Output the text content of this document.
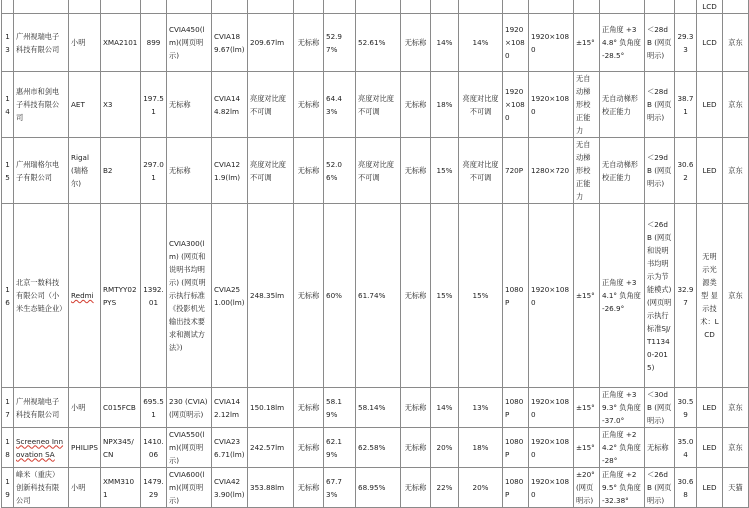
																				LCD	
13	广州视瑞电子科技有限公司	小明	XMA2101	899	CVIA450(lm)(网页明示)	CVIA189.67(lm)	209.67lm	无标称	52.97%	52.61%	无标称	14%	14%	1920×1080	1920×1080	±15°	正角度 +34.8° 负角度 -28.5°	＜28dB (网页明示)	29.33	LCD	京东
14	惠州市和剑电子科技有限公司	AET	X3	197.51	无标称	CVIA144.82lm	亮度对比度不可调	无标称	64.43%	亮度对比度不可调	无标称	18%	亮度对比度不可调	1920×1080	1920×1080	无自动梯形校正能力	无自动梯形校正能力	＜28dB (网页明示)	38.71	LED	京东
15	广州瑞格尔电子有限公司	Rigal (瑞格尔)	B2	297.01	无标称	CVIA121.9(lm)	亮度对比度不可调	无标称	52.06%	亮度对比度不可调	无标称	15%	亮度对比度不可调	720P	1280×720	无自动梯形校正能力	无自动梯形校正能力	＜29dB (网页明示)	30.62	LED	京东
16	北京一数科技有限公司（小米生态链企业）	Redmi	RMTYY02PYS	1392.01	CVIA300(lm) (网页和说明书均明示) (网页明示执行标准《投影机光输出技术要求和测试方法》)	CVIA251.00(lm)	248.35lm	无标称	60%	61.74%	无标称	15%	15%	1080P	1920×1080	±15°	正角度 +34.1° 负角度 -26.9°	＜26dB (网页和说明书均明示为节能模式) (网页明示执行标准SJ/T11340-2015)	32.97	无明示光源类型 显示技术：LCD	京东
17	广州视瑞电子科技有限公司	小明	C015FCB	695.51	230 (CVIA) (网页明示)	CVIA142.12lm	150.18lm	无标称	58.19%	58.14%	无标称	14%	13%	1080P	1920×1080	±15°	正角度 +39.3° 负角度 -37.0°	＜30dB (网页明示)	30.59	LED	京东
18	Screeneo Innovation SA	PHILIPS	NPX345/CN	1410.06	CVIA550(lm)(网页明示)	CVIA236.71(lm)	242.57lm	无标称	62.19%	62.58%	无标称	20%	18%	1080P	1920×1080	±15°	正角度 +24.2° 负角度 -28°	无标称	35.04	LED	京东
19	峰米（重庆）创新科技有限公司	小明	XMM3101	1479.29	CVIA600(lm)(网页明示)	CVIA423.90(lm)	353.88lm	无标称	67.73%	68.95%	无标称	22%	20%	1080P	1920×1080	±20°(网页明示)	正角度 +29.5° 负角度 -32.38°	＜26dB (网页明示)	30.68	LED	天猫
